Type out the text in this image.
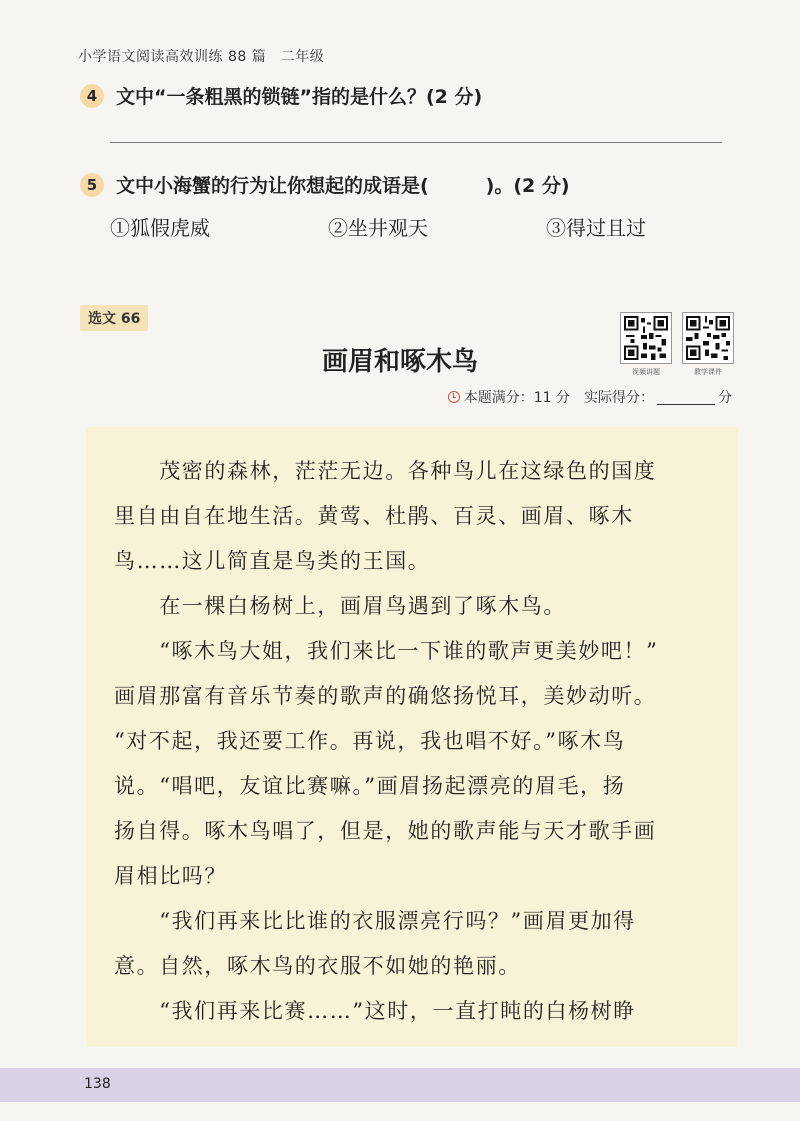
小学语文阅读高效训练 88 篇　二年级
4 文中“一条粗黑的锁链”指的是什么？(2 分)
5 文中小海蟹的行为让你想起的成语是(　　　)。(2 分)
①狐假虎威	②坐井观天	③得过且过
选文 66
视频讲题	教学课件
画眉和啄木鸟
本题满分：11 分　实际得分：	分
　　茂密的森林，茫茫无边。各种鸟儿在这绿色的国度
里自由自在地生活。黄莺、杜鹃、百灵、画眉、啄木
鸟……这儿简直是鸟类的王国。
　　在一棵白杨树上，画眉鸟遇到了啄木鸟。
　　“啄木鸟大姐，我们来比一下谁的歌声更美妙吧！”
画眉那富有音乐节奏的歌声的确悠扬悦耳，美妙动听。
“对不起，我还要工作。再说，我也唱不好。”啄木鸟
说。“唱吧，友谊比赛嘛。”画眉扬起漂亮的眉毛，扬
扬自得。啄木鸟唱了，但是，她的歌声能与天才歌手画
眉相比吗？
　　“我们再来比比谁的衣服漂亮行吗？”画眉更加得
意。自然，啄木鸟的衣服不如她的艳丽。
　　“我们再来比赛……”这时，一直打盹的白杨树睁
138
